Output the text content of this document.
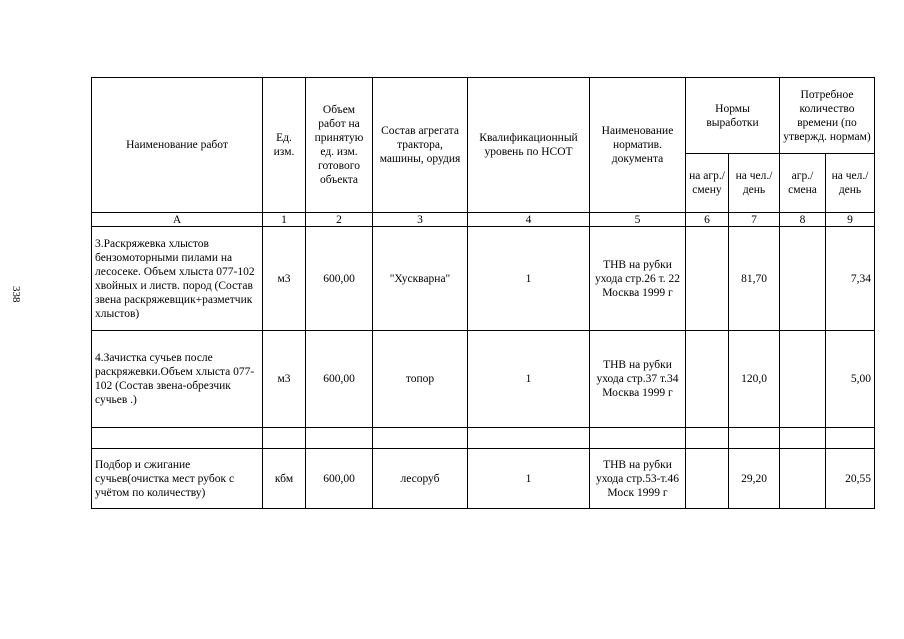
338
Наименование работ	Ед. изм.	Объем работ на принятую ед. изм. готового объекта	Состав агрегата трактора, машины, орудия	Квалификационный уровень по НСОТ	Наименование норматив. документа	Нормы выработки		Потребное количество времени (по утвержд. нормам)	
						на агр./ смену	на чел./ день	агр./ смена	на чел./ день
А	1	2	3	4	5	6	7	8	9
3.Раскряжевка хлыстов бензомоторными пилами на лесосеке. Объем хлыста 077-102 хвойных и листв. пород (Состав звена раскряжевщик+разметчик хлыстов)	м3	600,00	"Хускварна"	1	ТНВ на рубки ухода стр.26 т. 22 Москва 1999 г		81,70		7,34
4.Зачистка сучьев после раскряжевки.Объем хлыста 077-102 (Состав звена-обрезчик сучьев .)	м3	600,00	топор	1	ТНВ на рубки ухода стр.37 т.34 Москва 1999 г		120,0		5,00

Подбор и сжигание сучьев(очистка мест рубок с учётом по количеству)	кбм	600,00	лесоруб	1	ТНВ на рубки ухода стр.53-т.46 Моск 1999 г		29,20		20,55
